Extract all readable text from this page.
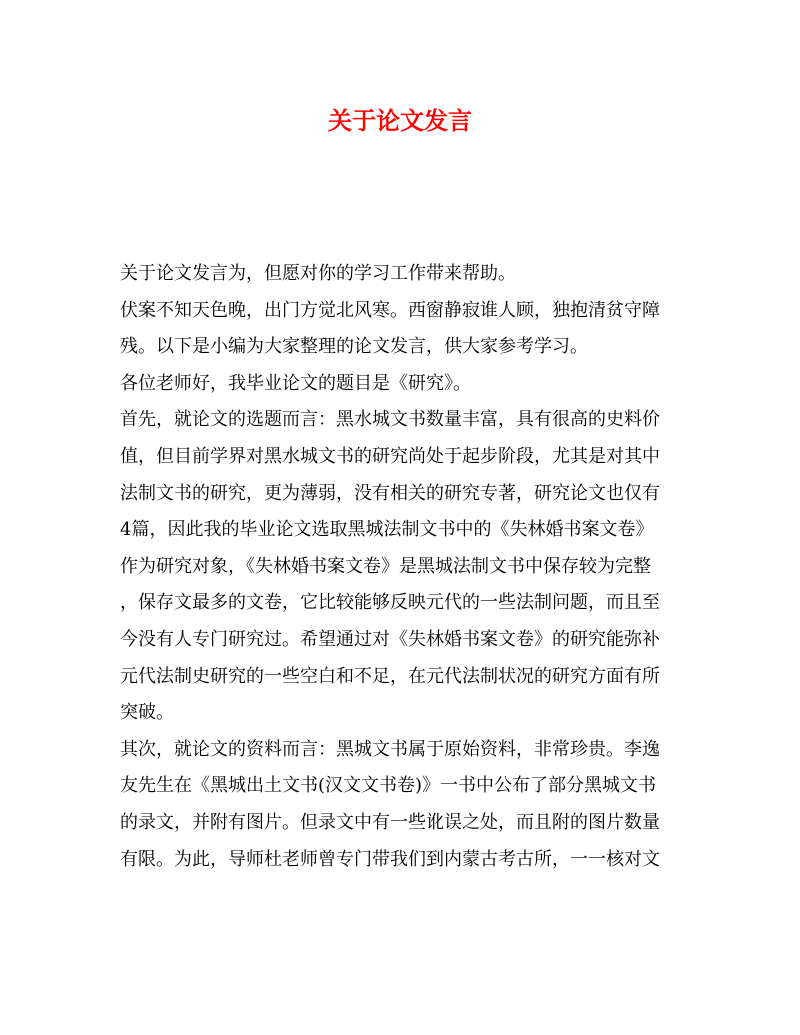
关于论文发言
关于论文发言为，但愿对你的学习工作带来帮助。
伏案不知天色晚，出门方觉北风寒。西窗静寂谁人顾，独抱清贫守障
残。以下是小编为大家整理的论文发言，供大家参考学习。
各位老师好，我毕业论文的题目是《研究》。
首先，就论文的选题而言：黑水城文书数量丰富，具有很高的史料价
值，但目前学界对黑水城文书的研究尚处于起步阶段，尤其是对其中
法制文书的研究，更为薄弱，没有相关的研究专著，研究论文也仅有
4篇，因此我的毕业论文选取黑城法制文书中的《失林婚书案文卷》
作为研究对象，《失林婚书案文卷》是黑城法制文书中保存较为完整
，保存文最多的文卷，它比较能够反映元代的一些法制问题，而且至
今没有人专门研究过。希望通过对《失林婚书案文卷》的研究能弥补
元代法制史研究的一些空白和不足，在元代法制状况的研究方面有所
突破。
其次，就论文的资料而言：黑城文书属于原始资料，非常珍贵。李逸
友先生在《黑城出土文书(汉文文书卷)》一书中公布了部分黑城文书
的录文，并附有图片。但录文中有一些讹误之处，而且附的图片数量
有限。为此，导师杜老师曾专门带我们到内蒙古考古所，一一核对文
